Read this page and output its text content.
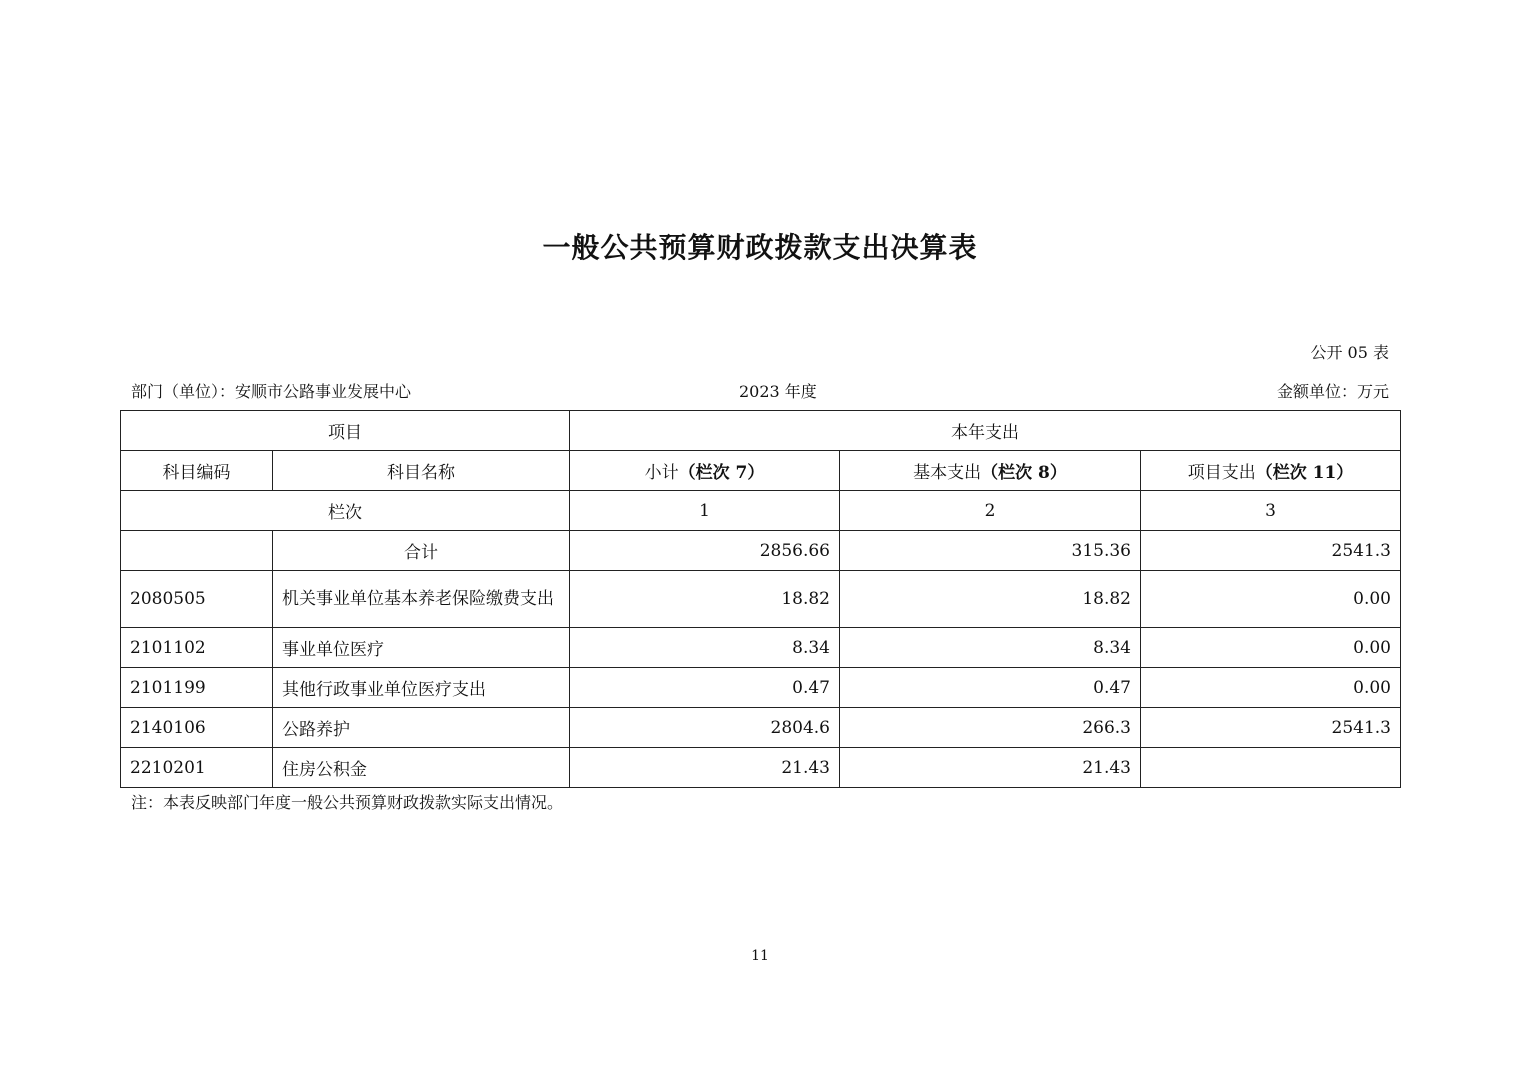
一般公共预算财政拨款支出决算表
公开 05 表
部门（单位）：安顺市公路事业发展中心	2023 年度	金额单位：万元
项目		本年支出		
科目编码	科目名称	小计（栏次 7）	基本支出（栏次 8）	项目支出（栏次 11）
栏次		1	2	3
	合计	2856.66	315.36	2541.3
2080505	机关事业单位基本养老保险缴费支出	18.82	18.82	0.00
2101102	事业单位医疗	8.34	8.34	0.00
2101199	其他行政事业单位医疗支出	0.47	0.47	0.00
2140106	公路养护	2804.6	266.3	2541.3
2210201	住房公积金	21.43	21.43	
注：本表反映部门年度一般公共预算财政拨款实际支出情况。
11
